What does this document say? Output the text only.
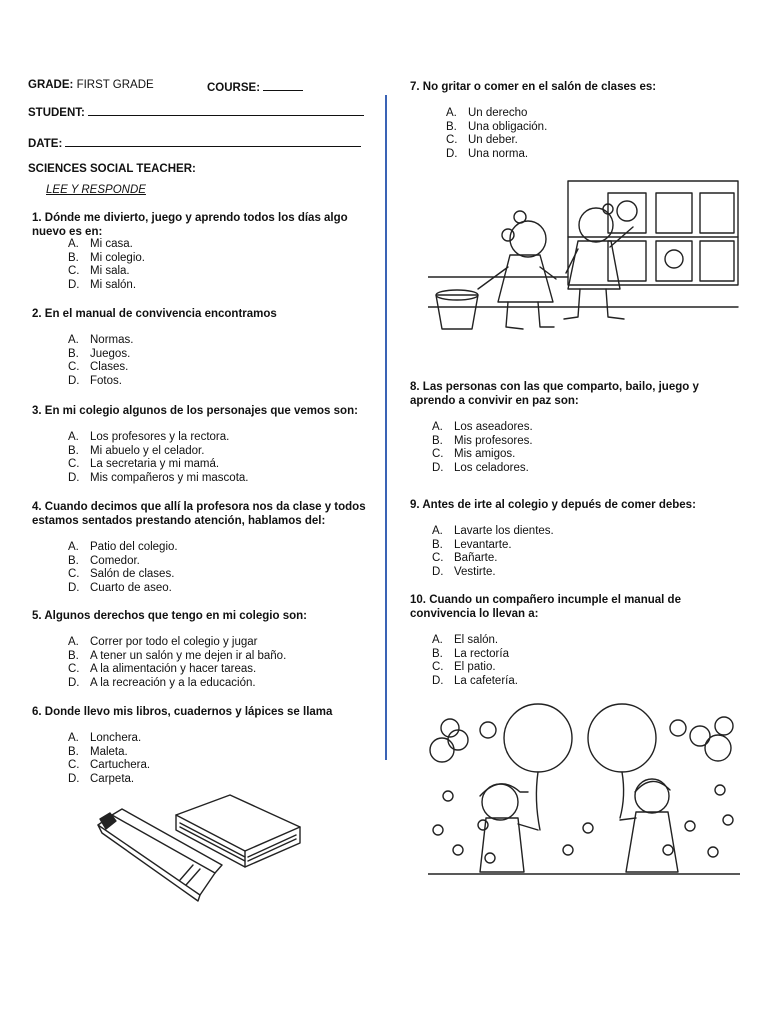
GRADE: FIRST GRADE	COURSE:
STUDENT:
DATE:
SCIENCES SOCIAL TEACHER:
LEE Y RESPONDE
1. Dónde me divierto, juego y aprendo todos los días algo nuevo es en:
A. Mi casa.
B. Mi colegio.
C. Mi sala.
D. Mi salón.
2. En el manual de convivencia encontramos
A. Normas.
B. Juegos.
C. Clases.
D. Fotos.
3. En mi colegio algunos de los personajes que vemos son:
A. Los profesores y la rectora.
B. Mi abuelo y el celador.
C. La secretaria y mi mamá.
D. Mis compañeros y mi mascota.
4. Cuando decimos que allí la profesora nos da clase y todos estamos sentados prestando atención, hablamos del:
A. Patio del colegio.
B. Comedor.
C. Salón de clases.
D. Cuarto de aseo.
5. Algunos derechos que tengo en mi colegio son:
A. Correr por todo el colegio y jugar
B. A tener un salón y me dejen ir al baño.
C. A la alimentación y hacer tareas.
D. A la recreación y a la educación.
6. Donde llevo mis libros, cuadernos y lápices se llama
A. Lonchera.
B. Maleta.
C. Cartuchera.
D. Carpeta.
7. No gritar o comer en el salón de clases es:
A. Un derecho
B. Una obligación.
C. Un deber.
D. Una norma.
8. Las personas con las que comparto, bailo, juego y aprendo a convivir en paz son:
A. Los aseadores.
B. Mis profesores.
C. Mis amigos.
D. Los celadores.
9. Antes de irte al colegio y depués de comer debes:
A. Lavarte los dientes.
B. Levantarte.
C. Bañarte.
D. Vestirte.
10. Cuando un compañero incumple el manual de convivencia lo llevan a:
A. El salón.
B. La rectoría
C. El patio.
D. La cafetería.
